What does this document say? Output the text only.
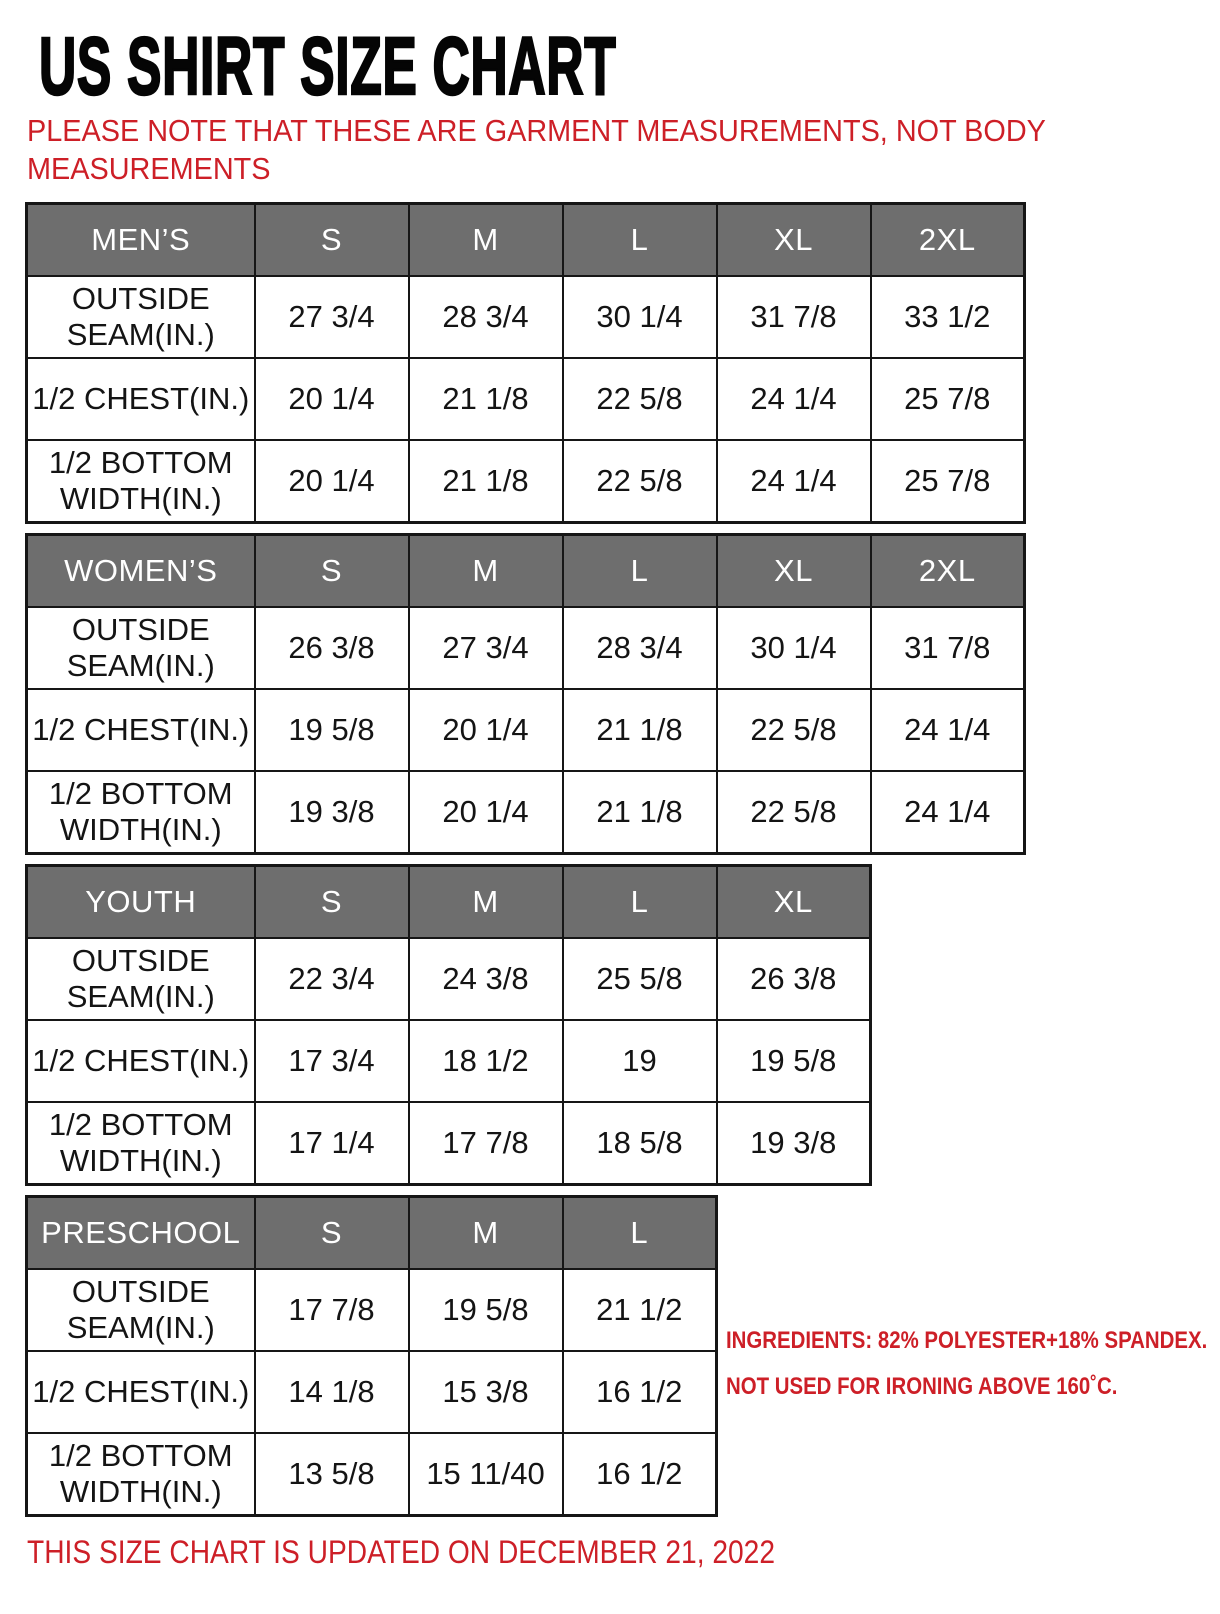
US SHIRT SIZE CHART
PLEASE NOTE THAT THESE ARE GARMENT MEASUREMENTS, NOT BODY
MEASUREMENTS
MEN’S	S	M	L	XL	2XL

OUTSIDE
SEAM(IN.)	27 3/4	28 3/4	30 1/4	31 7/8	33 1/2

1/2 CHEST(IN.)	20 1/4	21 1/8	22 5/8	24 1/4	25 7/8

1/2 BOTTOM
WIDTH(IN.)	20 1/4	21 1/8	22 5/8	24 1/4	25 7/8
WOMEN’S	S	M	L	XL	2XL

OUTSIDE
SEAM(IN.)	26 3/8	27 3/4	28 3/4	30 1/4	31 7/8

1/2 CHEST(IN.)	19 5/8	20 1/4	21 1/8	22 5/8	24 1/4

1/2 BOTTOM
WIDTH(IN.)	19 3/8	20 1/4	21 1/8	22 5/8	24 1/4
YOUTH	S	M	L	XL

OUTSIDE
SEAM(IN.)	22 3/4	24 3/8	25 5/8	26 3/8

1/2 CHEST(IN.)	17 3/4	18 1/2	19	19 5/8

1/2 BOTTOM
WIDTH(IN.)	17 1/4	17 7/8	18 5/8	19 3/8
PRESCHOOL	S	M	L

OUTSIDE
SEAM(IN.)	17 7/8	19 5/8	21 1/2

1/2 CHEST(IN.)	14 1/8	15 3/8	16 1/2

1/2 BOTTOM
WIDTH(IN.)	13 5/8	15 11/40	16 1/2
INGREDIENTS: 82% POLYESTER+18% SPANDEX.
NOT USED FOR IRONING ABOVE 160˚C.
THIS SIZE CHART IS UPDATED ON DECEMBER 21, 2022
